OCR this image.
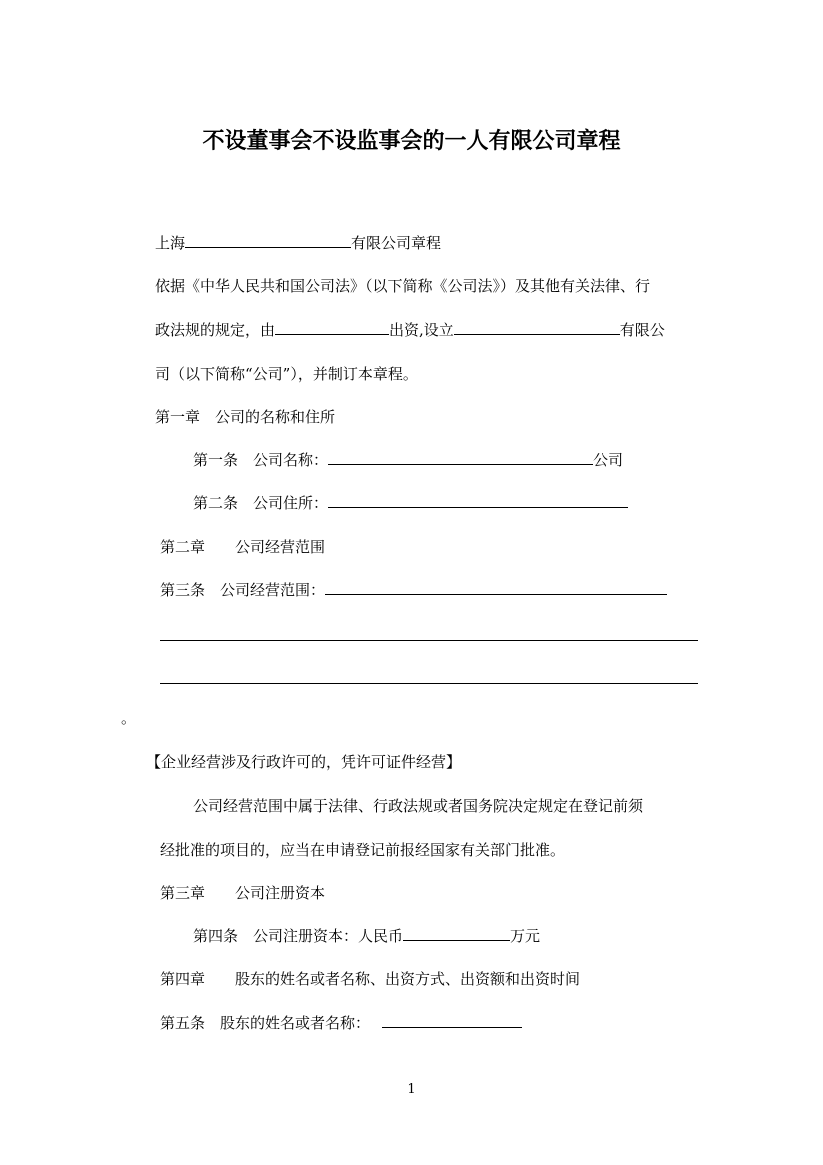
不设董事会不设监事会的一人有限公司章程
上海	有限公司章程
依据《中华人民共和国公司法》（以下简称《公司法》）及其他有关法律、行
政法规的规定，由	出资,设立	有限公
司（以下简称“公司”），并制订本章程。
第一章　公司的名称和住所
第一条　公司名称：	公司
第二条　公司住所：
第二章　　公司经营范围
第三条　公司经营范围：
。
【企业经营涉及行政许可的，凭许可证件经营】
公司经营范围中属于法律、行政法规或者国务院决定规定在登记前须
经批准的项目的，应当在申请登记前报经国家有关部门批准。
第三章　　公司注册资本
第四条　公司注册资本：人民币	万元
第四章　　股东的姓名或者名称、出资方式、出资额和出资时间
第五条　股东的姓名或者名称：
1
